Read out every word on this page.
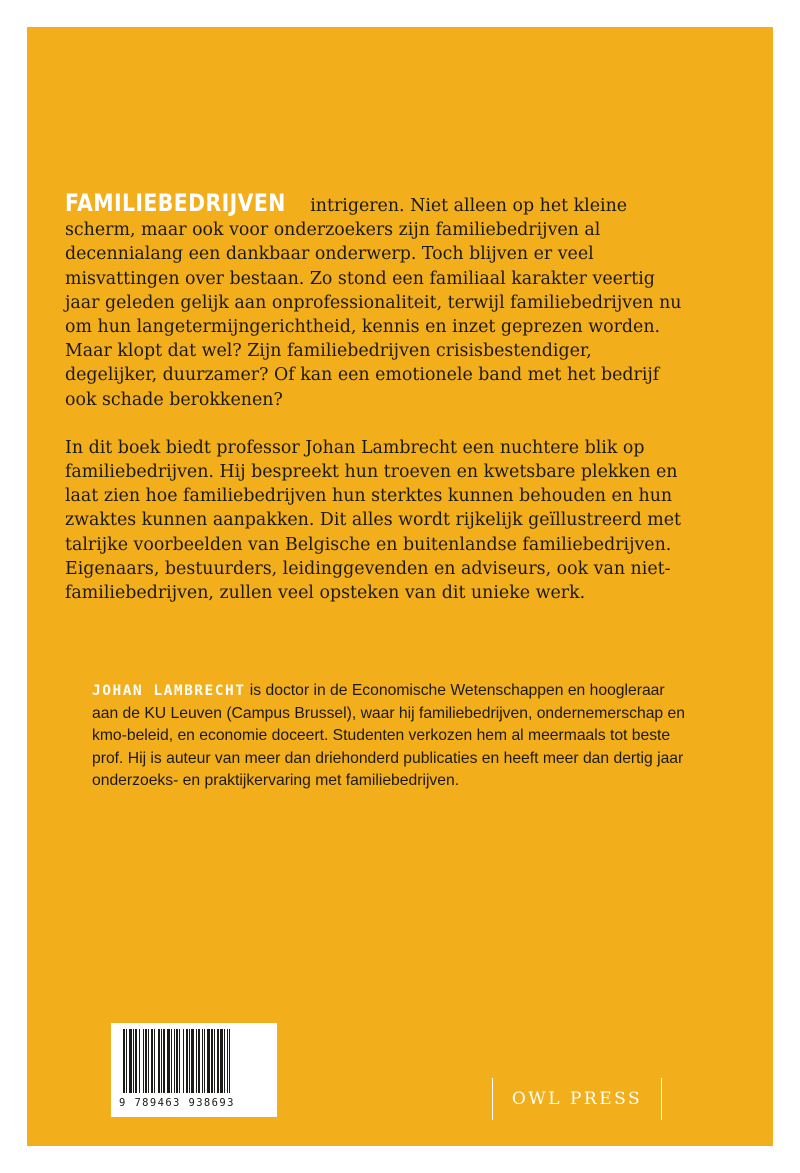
FAMILIEBEDRIJVEN intrigeren. Niet alleen op het kleine scherm, maar ook voor onderzoekers zijn familiebedrijven al decennialang een dankbaar onderwerp. Toch blijven er veel misvattingen over bestaan. Zo stond een familiaal karakter veertig jaar geleden gelijk aan onprofessionaliteit, terwijl familiebedrijven nu om hun langetermijngerichtheid, kennis en inzet geprezen worden. Maar klopt dat wel? Zijn familiebedrijven crisisbestendiger, degelijker, duurzamer? Of kan een emotionele band met het bedrijf ook schade berokkenen?

In dit boek biedt professor Johan Lambrecht een nuchtere blik op familiebedrijven. Hij bespreekt hun troeven en kwetsbare plekken en laat zien hoe familiebedrijven hun sterktes kunnen behouden en hun zwaktes kunnen aanpakken. Dit alles wordt rijkelijk geïllustreerd met talrijke voorbeelden van Belgische en buitenlandse familiebedrijven. Eigenaars, bestuurders, leidinggevenden en adviseurs, ook van niet-familiebedrijven, zullen veel opsteken van dit unieke werk.

JOHAN LAMBRECHT is doctor in de Economische Wetenschappen en hoogleraar aan de KU Leuven (Campus Brussel), waar hij familiebedrijven, ondernemerschap en kmo-beleid, en economie doceert. Studenten verkozen hem al meermaals tot beste prof. Hij is auteur van meer dan driehonderd publicaties en heeft meer dan dertig jaar onderzoeks- en praktijkervaring met familiebedrijven.

9 789463 938693	OWL PRESS
